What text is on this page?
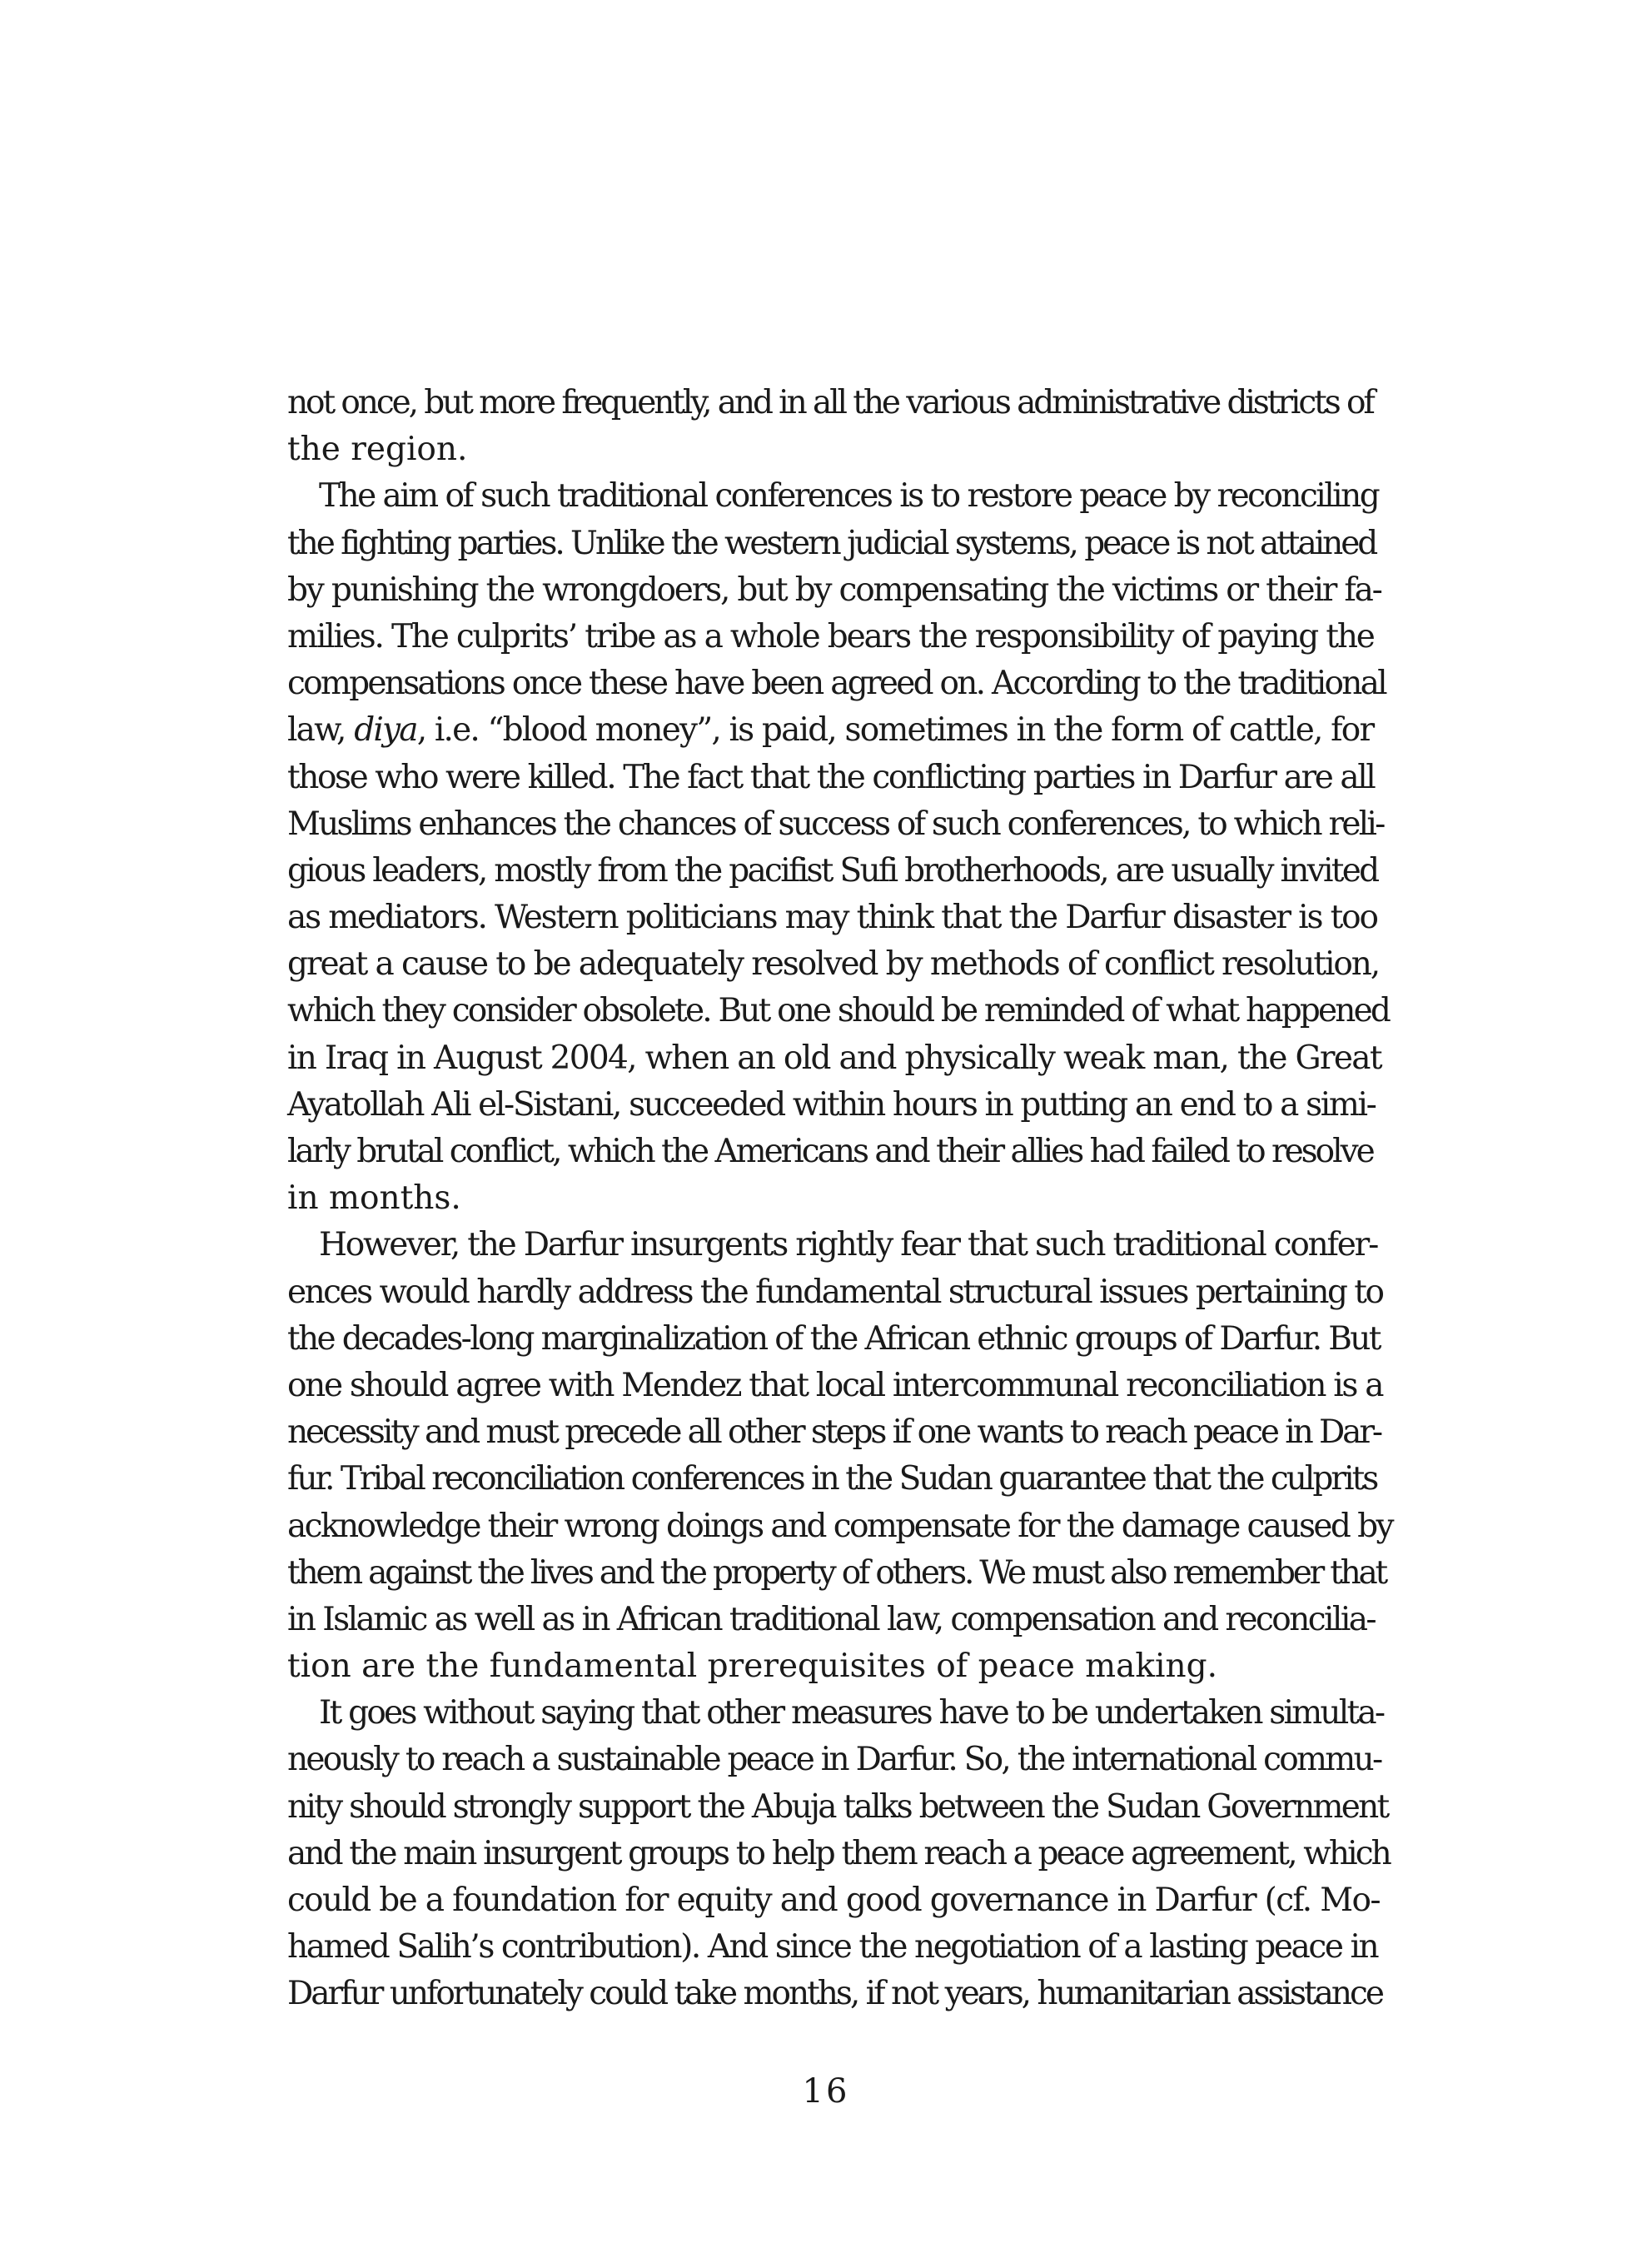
not once, but more frequently, and in all the various administrative districts of
the region.
The aim of such traditional conferences is to restore peace by reconciling
the fighting parties. Unlike the western judicial systems, peace is not attained
by punishing the wrongdoers, but by compensating the victims or their fa-
milies. The culprits’ tribe as a whole bears the responsibility of paying the
compensations once these have been agreed on. According to the traditional
law, diya, i.e. “blood money”, is paid, sometimes in the form of cattle, for
those who were killed. The fact that the conflicting parties in Darfur are all
Muslims enhances the chances of success of such conferences, to which reli-
gious leaders, mostly from the pacifist Sufi brotherhoods, are usually invited
as mediators. Western politicians may think that the Darfur disaster is too
great a cause to be adequately resolved by methods of conflict resolution,
which they consider obsolete. But one should be reminded of what happened
in Iraq in August 2004, when an old and physically weak man, the Great
Ayatollah Ali el-Sistani, succeeded within hours in putting an end to a simi-
larly brutal conflict, which the Americans and their allies had failed to resolve
in months.
However, the Darfur insurgents rightly fear that such traditional confer-
ences would hardly address the fundamental structural issues pertaining to
the decades-long marginalization of the African ethnic groups of Darfur. But
one should agree with Mendez that local intercommunal reconciliation is a
necessity and must precede all other steps if one wants to reach peace in Dar-
fur. Tribal reconciliation conferences in the Sudan guarantee that the culprits
acknowledge their wrong doings and compensate for the damage caused by
them against the lives and the property of others. We must also remember that
in Islamic as well as in African traditional law, compensation and reconcilia-
tion are the fundamental prerequisites of peace making.
It goes without saying that other measures have to be undertaken simulta-
neously to reach a sustainable peace in Darfur. So, the international commu-
nity should strongly support the Abuja talks between the Sudan Government
and the main insurgent groups to help them reach a peace agreement, which
could be a foundation for equity and good governance in Darfur (cf. Mo-
hamed Salih’s contribution). And since the negotiation of a lasting peace in
Darfur unfortunately could take months, if not years, humanitarian assistance
16
